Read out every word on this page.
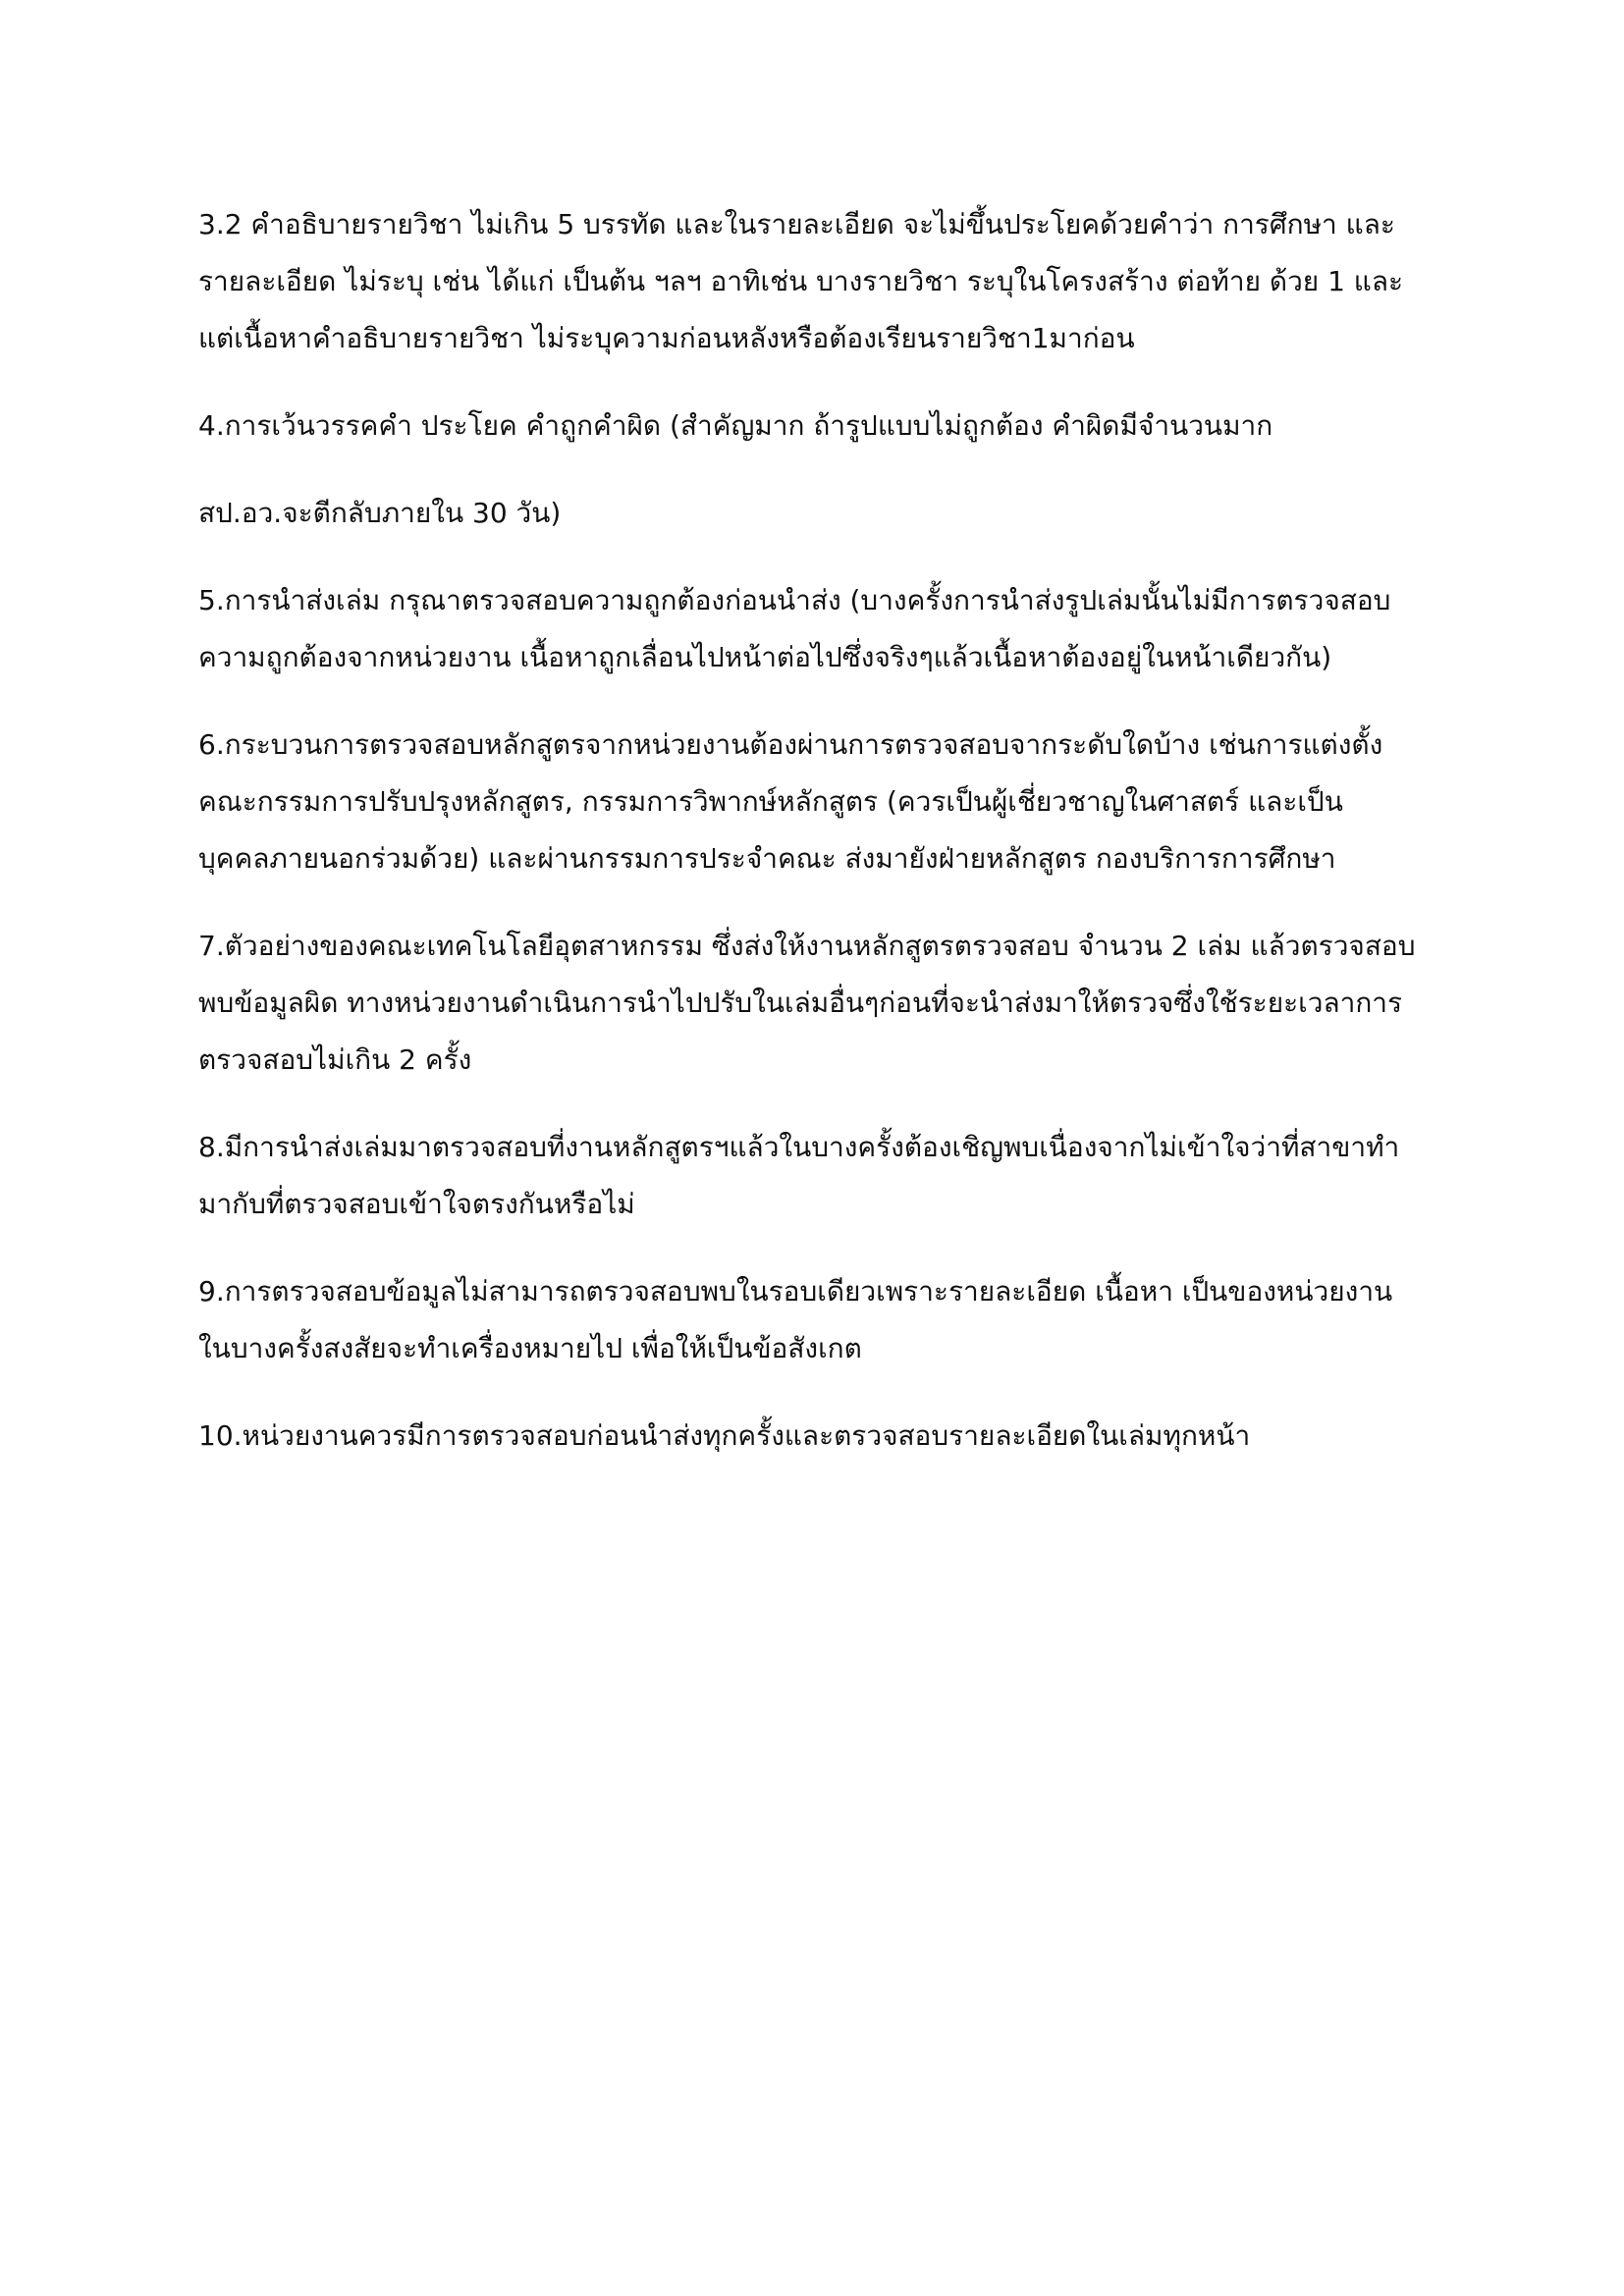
3.2 คำอธิบายรายวิชา ไม่เกิน 5 บรรทัด และในรายละเอียด จะไม่ขึ้นประโยคด้วยคำว่า การศึกษา และ
รายละเอียด ไม่ระบุ เช่น ได้แก่ เป็นต้น ฯลฯ อาทิเช่น บางรายวิชา ระบุในโครงสร้าง ต่อท้าย ด้วย 1 และ
แต่เนื้อหาคำอธิบายรายวิชา ไม่ระบุความก่อนหลังหรือต้องเรียนรายวิชา1มาก่อน
4.การเว้นวรรคคำ ประโยค คำถูกคำผิด (สำคัญมาก ถ้ารูปแบบไม่ถูกต้อง คำผิดมีจำนวนมาก
สป.อว.จะตีกลับภายใน 30 วัน)
5.การนำส่งเล่ม กรุณาตรวจสอบความถูกต้องก่อนนำส่ง (บางครั้งการนำส่งรูปเล่มนั้นไม่มีการตรวจสอบ
ความถูกต้องจากหน่วยงาน เนื้อหาถูกเลื่อนไปหน้าต่อไปซึ่งจริงๆแล้วเนื้อหาต้องอยู่ในหน้าเดียวกัน)
6.กระบวนการตรวจสอบหลักสูตรจากหน่วยงานต้องผ่านการตรวจสอบจากระดับใดบ้าง เช่นการแต่งตั้ง
คณะกรรมการปรับปรุงหลักสูตร, กรรมการวิพากษ์หลักสูตร (ควรเป็นผู้เชี่ยวชาญในศาสตร์ และเป็น
บุคคลภายนอกร่วมด้วย) และผ่านกรรมการประจำคณะ ส่งมายังฝ่ายหลักสูตร กองบริการการศึกษา
7.ตัวอย่างของคณะเทคโนโลยีอุตสาหกรรม ซึ่งส่งให้งานหลักสูตรตรวจสอบ จำนวน 2 เล่ม แล้วตรวจสอบ
พบข้อมูลผิด ทางหน่วยงานดำเนินการนำไปปรับในเล่มอื่นๆก่อนที่จะนำส่งมาให้ตรวจซึ่งใช้ระยะเวลาการ
ตรวจสอบไม่เกิน 2 ครั้ง
8.มีการนำส่งเล่มมาตรวจสอบที่งานหลักสูตรฯแล้วในบางครั้งต้องเชิญพบเนื่องจากไม่เข้าใจว่าที่สาขาทำ
มากับที่ตรวจสอบเข้าใจตรงกันหรือไม่
9.การตรวจสอบข้อมูลไม่สามารถตรวจสอบพบในรอบเดียวเพราะรายละเอียด เนื้อหา เป็นของหน่วยงาน
ในบางครั้งสงสัยจะทำเครื่องหมายไป เพื่อให้เป็นข้อสังเกต
10.หน่วยงานควรมีการตรวจสอบก่อนนำส่งทุกครั้งและตรวจสอบรายละเอียดในเล่มทุกหน้า
